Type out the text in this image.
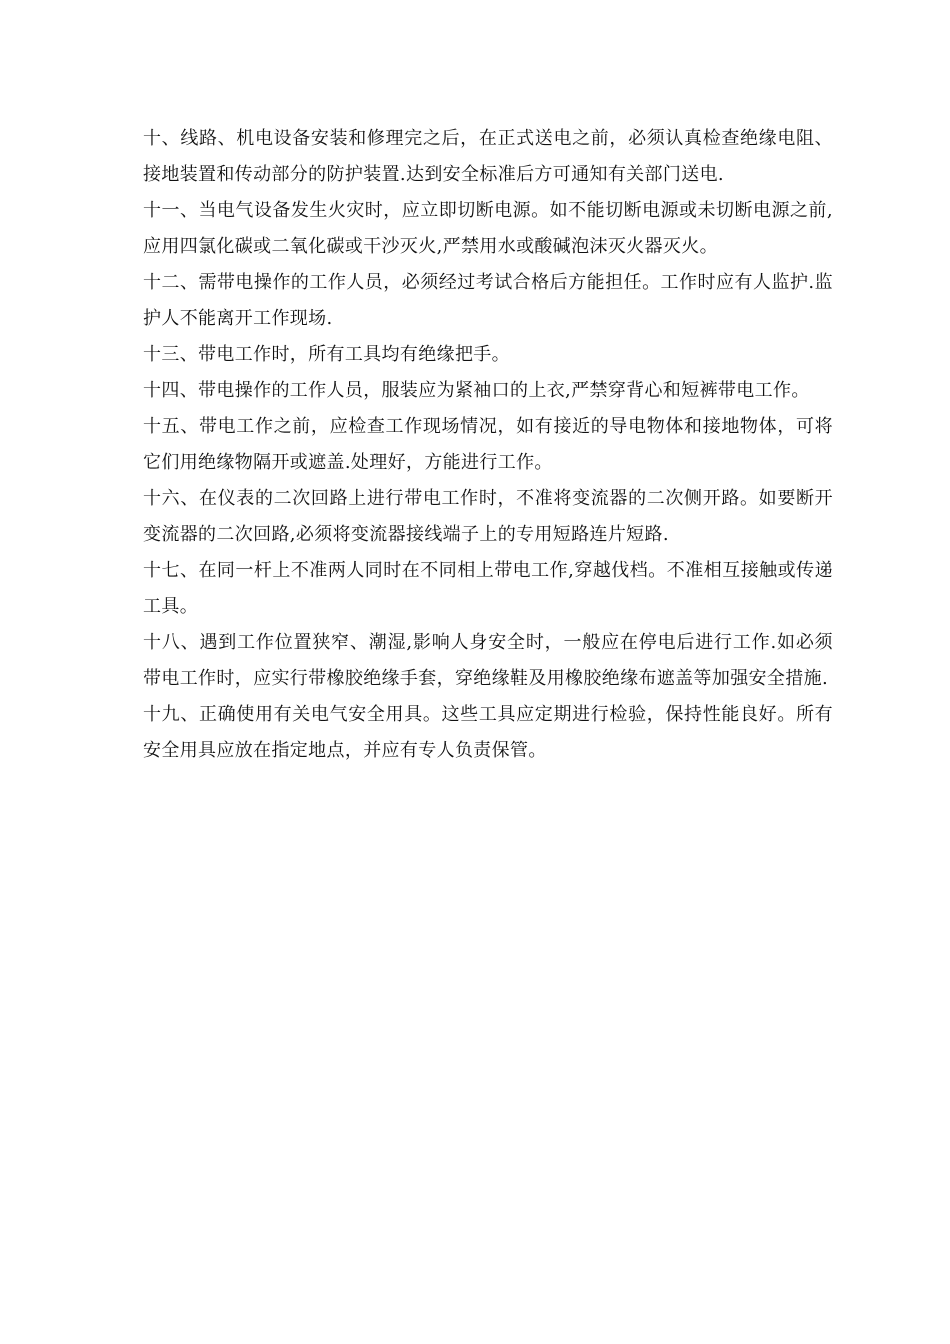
十、线路、机电设备安装和修理完之后，在正式送电之前，必须认真检查绝缘电阻、接地装置和传动部分的防护装置.达到安全标准后方可通知有关部门送电.

十一、当电气设备发生火灾时，应立即切断电源。如不能切断电源或未切断电源之前,应用四氯化碳或二氧化碳或干沙灭火,严禁用水或酸碱泡沫灭火器灭火。

十二、需带电操作的工作人员，必须经过考试合格后方能担任。工作时应有人监护.监护人不能离开工作现场.

十三、带电工作时，所有工具均有绝缘把手。

十四、带电操作的工作人员，服装应为紧袖口的上衣,严禁穿背心和短裤带电工作。

十五、带电工作之前，应检查工作现场情况，如有接近的导电物体和接地物体，可将它们用绝缘物隔开或遮盖.处理好，方能进行工作。

十六、在仪表的二次回路上进行带电工作时，不准将变流器的二次侧开路。如要断开变流器的二次回路,必须将变流器接线端子上的专用短路连片短路.

十七、在同一杆上不准两人同时在不同相上带电工作,穿越伐档。不准相互接触或传递工具。

十八、遇到工作位置狭窄、潮湿,影响人身安全时，一般应在停电后进行工作.如必须带电工作时，应实行带橡胶绝缘手套，穿绝缘鞋及用橡胶绝缘布遮盖等加强安全措施.

十九、正确使用有关电气安全用具。这些工具应定期进行检验，保持性能良好。所有安全用具应放在指定地点，并应有专人负责保管。
